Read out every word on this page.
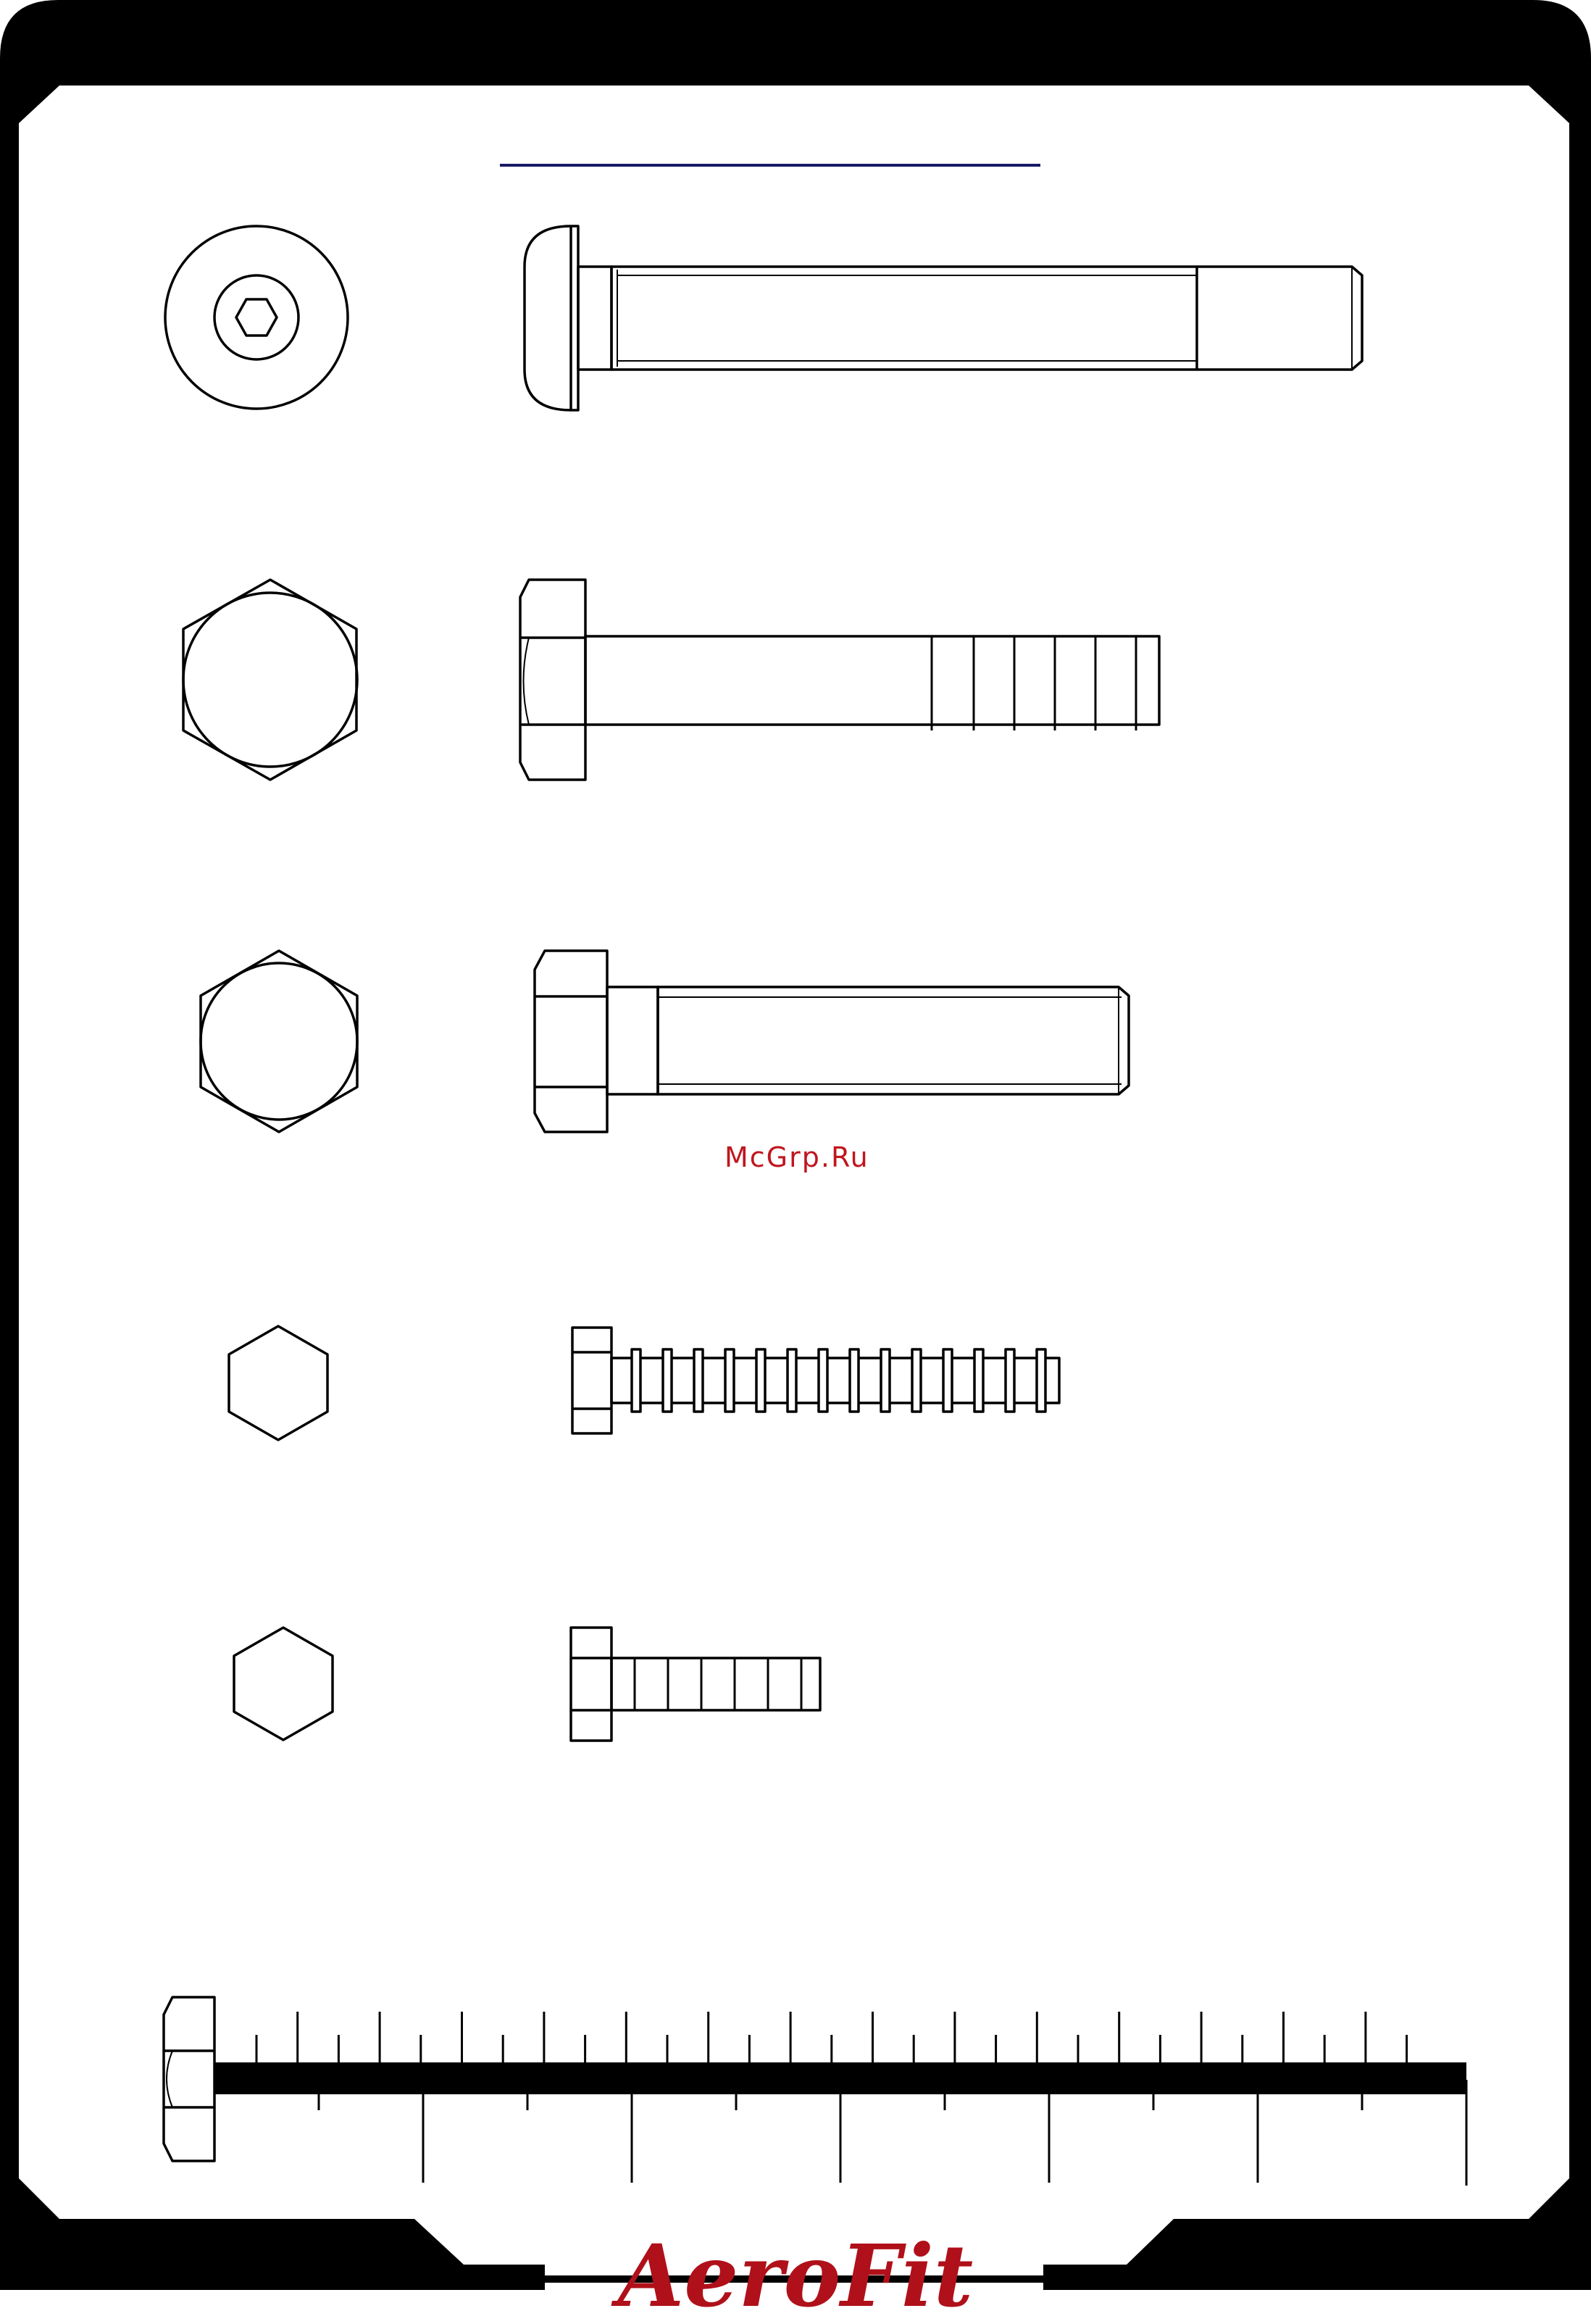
AeroFit
McGrp.Ru
